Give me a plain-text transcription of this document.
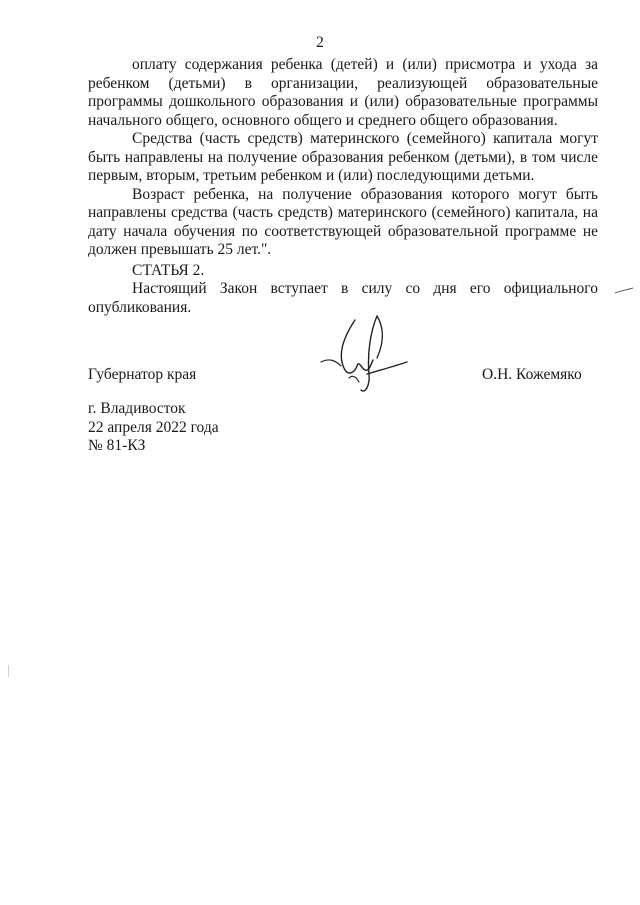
2

оплату содержания ребенка (детей) и (или) присмотра и ухода за ребенком (детьми) в организации, реализующей образовательные программы дошкольного образования и (или) образовательные программы начального общего, основного общего и среднего общего образования.

Средства (часть средств) материнского (семейного) капитала могут быть направлены на получение образования ребенком (детьми), в том числе первым, вторым, третьим ребенком и (или) последующими детьми.

Возраст ребенка, на получение образования которого могут быть направлены средства (часть средств) материнского (семейного) капитала, на дату начала обучения по соответствующей образовательной программе не должен превышать 25 лет.".

СТАТЬЯ 2.

Настоящий Закон вступает в силу со дня его официального опубликования.

Губернатор края	О.Н. Кожемяко
г. Владивосток
22 апреля 2022 года
№ 81-КЗ
